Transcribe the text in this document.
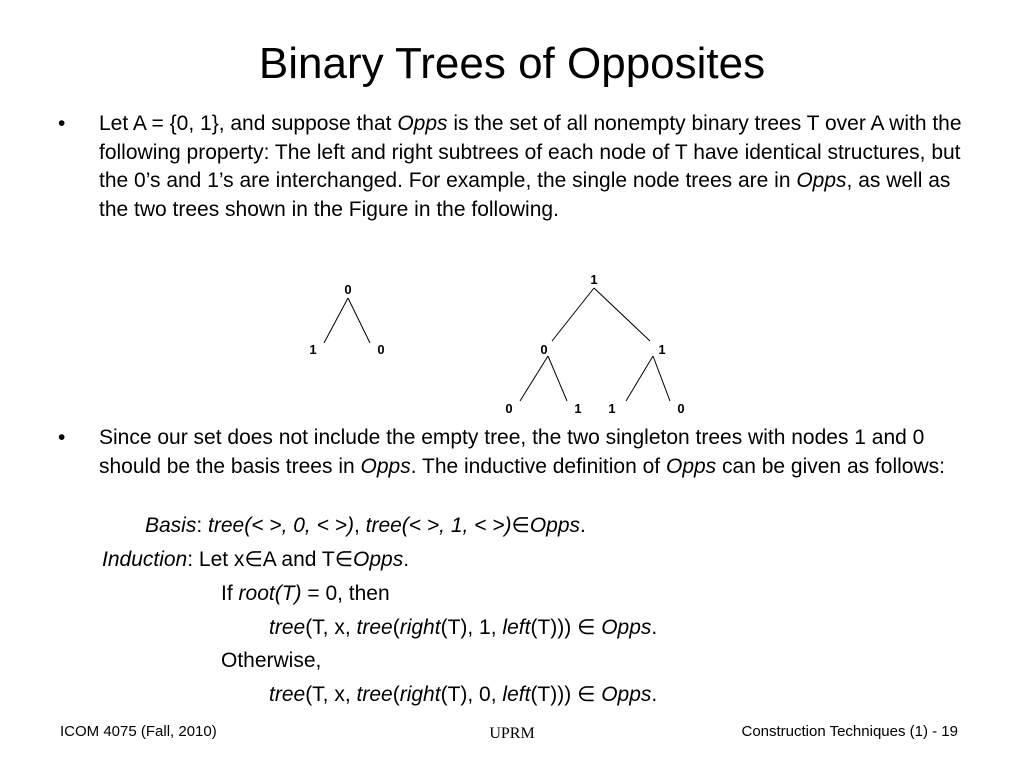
Binary Trees of Opposites
•	Let A = {0, 1}, and suppose that Opps is the set of all nonempty binary trees T over A with the following property: The left and right subtrees of each node of T have identical structures, but the 0’s and 1’s are interchanged. For example, the single node trees are in Opps, as well as the two trees shown in the Figure in the following.
0
1	0
1
0	1
0	1 1	0
•	Since our set does not include the empty tree, the two singleton trees with nodes 1 and 0 should be the basis trees in Opps. The inductive definition of Opps can be given as follows:
Basis: tree(< >, 0, < >), tree(< >, 1, < >)∈Opps.
Induction: Let x∈A and T∈Opps.
If root(T) = 0, then
tree(T, x, tree(right(T), 1, left(T))) ∈ Opps.
Otherwise,
tree(T, x, tree(right(T), 0, left(T))) ∈ Opps.
ICOM 4075 (Fall, 2010)	UPRM	Construction Techniques (1) - 19
